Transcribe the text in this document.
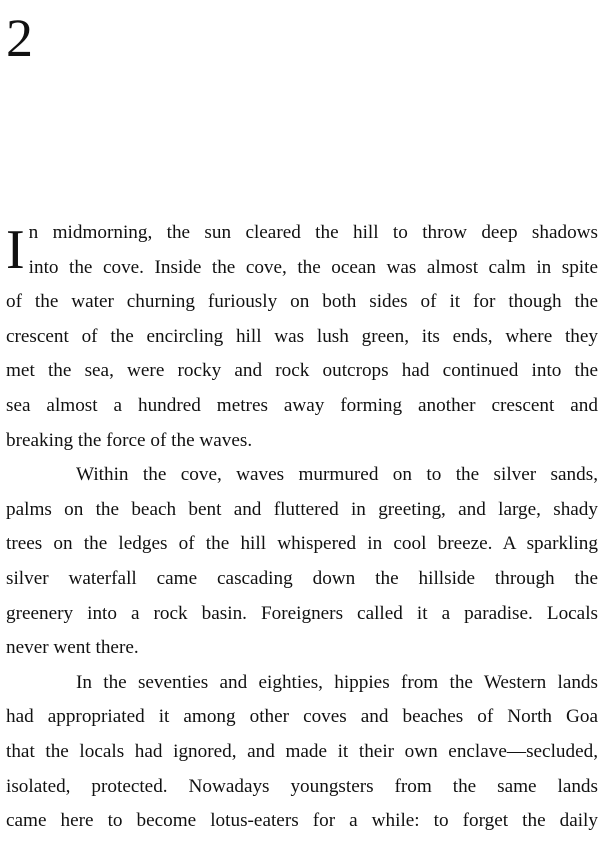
2
I n midmorning, the sun cleared the hill to throw deep shadows
into the cove. Inside the cove, the ocean was almost calm in spite
of the water churning furiously on both sides of it for though the
crescent of the encircling hill was lush green, its ends, where they
met the sea, were rocky and rock outcrops had continued into the
sea almost a hundred metres away forming another crescent and
breaking the force of the waves.
Within the cove, waves murmured on to the silver sands,
palms on the beach bent and fluttered in greeting, and large, shady
trees on the ledges of the hill whispered in cool breeze. A sparkling
silver waterfall came cascading down the hillside through the
greenery into a rock basin. Foreigners called it a paradise. Locals
never went there.
In the seventies and eighties, hippies from the Western lands
had appropriated it among other coves and beaches of North Goa
that the locals had ignored, and made it their own enclave—secluded,
isolated, protected. Nowadays youngsters from the same lands
came here to become lotus-eaters for a while: to forget the daily
